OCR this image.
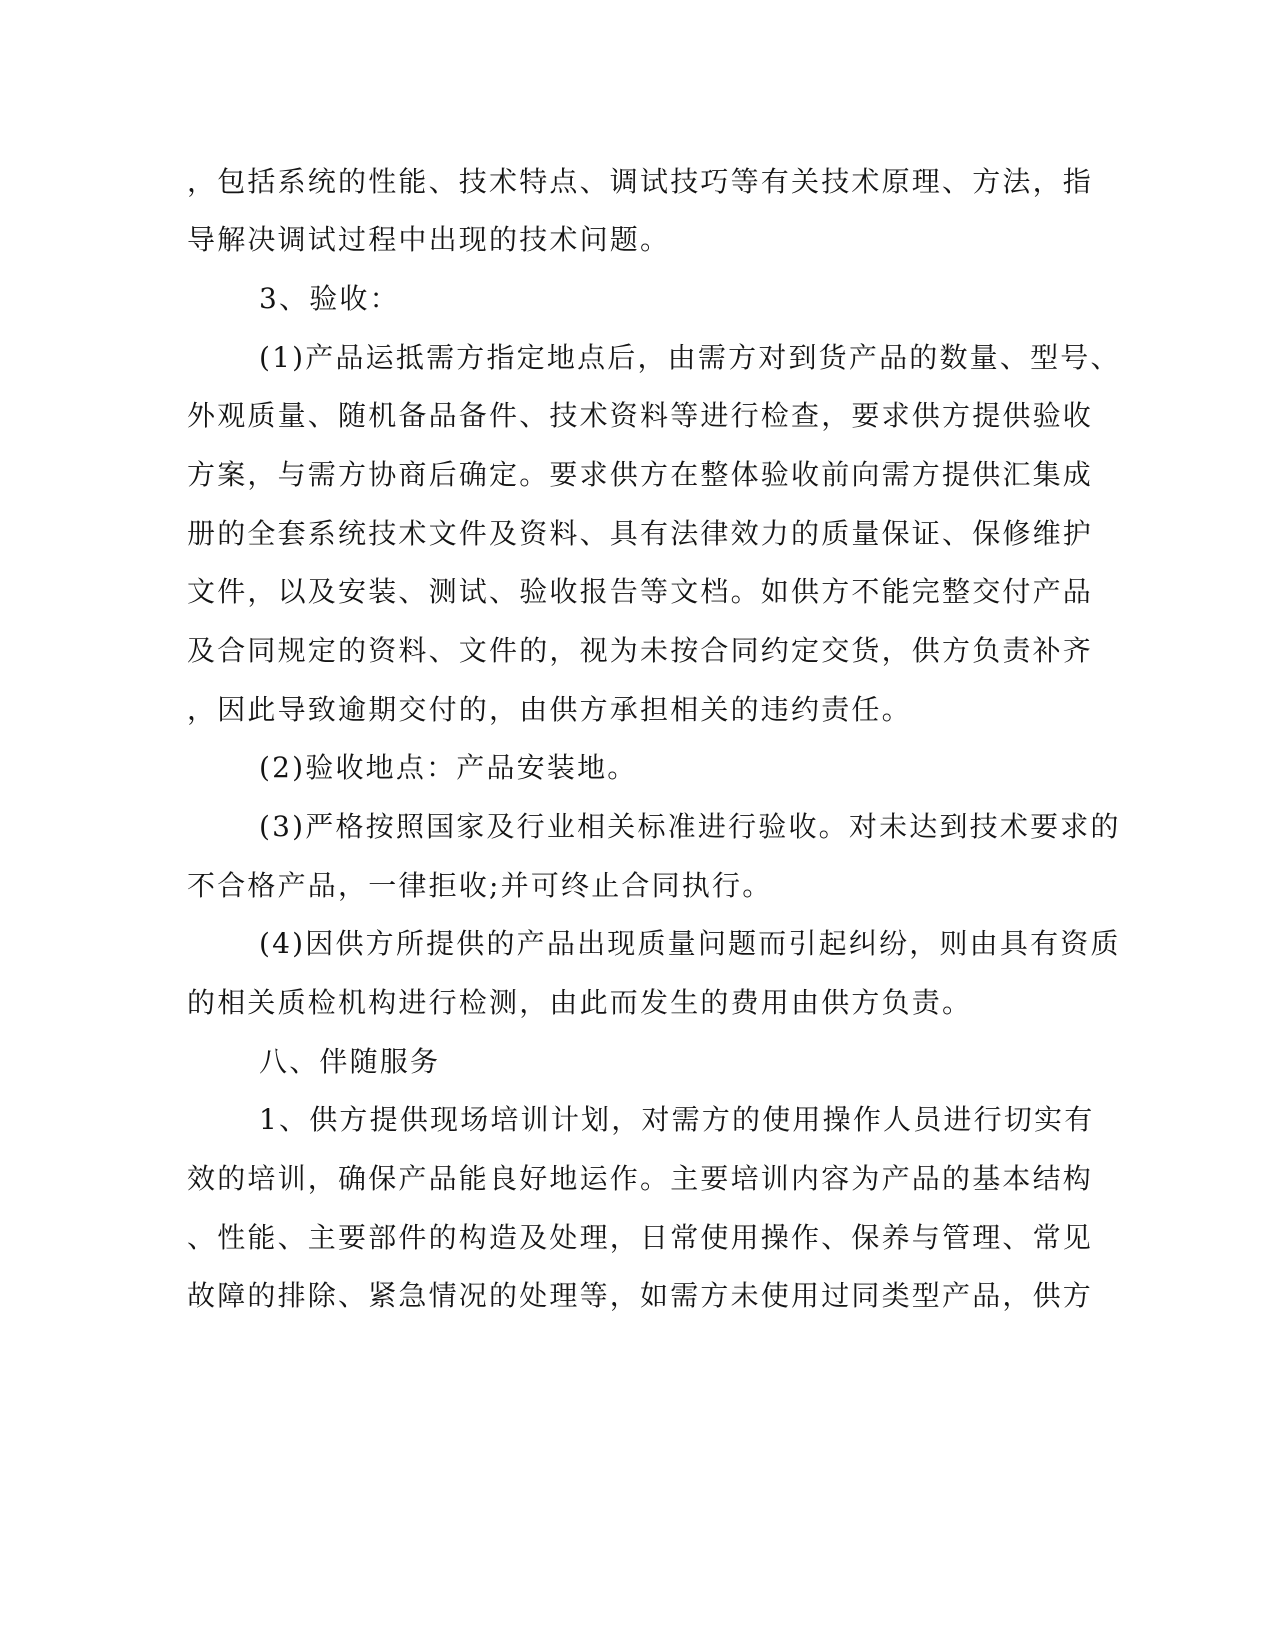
，包括系统的性能、技术特点、调试技巧等有关技术原理、方法，指
导解决调试过程中出现的技术问题。
3、验收：
(1)产品运抵需方指定地点后，由需方对到货产品的数量、型号、
外观质量、随机备品备件、技术资料等进行检查，要求供方提供验收
方案，与需方协商后确定。要求供方在整体验收前向需方提供汇集成
册的全套系统技术文件及资料、具有法律效力的质量保证、保修维护
文件，以及安装、测试、验收报告等文档。如供方不能完整交付产品
及合同规定的资料、文件的，视为未按合同约定交货，供方负责补齐
，因此导致逾期交付的，由供方承担相关的违约责任。
(2)验收地点：产品安装地。
(3)严格按照国家及行业相关标准进行验收。对未达到技术要求的
不合格产品，一律拒收;并可终止合同执行。
(4)因供方所提供的产品出现质量问题而引起纠纷，则由具有资质
的相关质检机构进行检测，由此而发生的费用由供方负责。
八、伴随服务
1、供方提供现场培训计划，对需方的使用操作人员进行切实有
效的培训，确保产品能良好地运作。主要培训内容为产品的基本结构
、性能、主要部件的构造及处理，日常使用操作、保养与管理、常见
故障的排除、紧急情况的处理等，如需方未使用过同类型产品，供方
